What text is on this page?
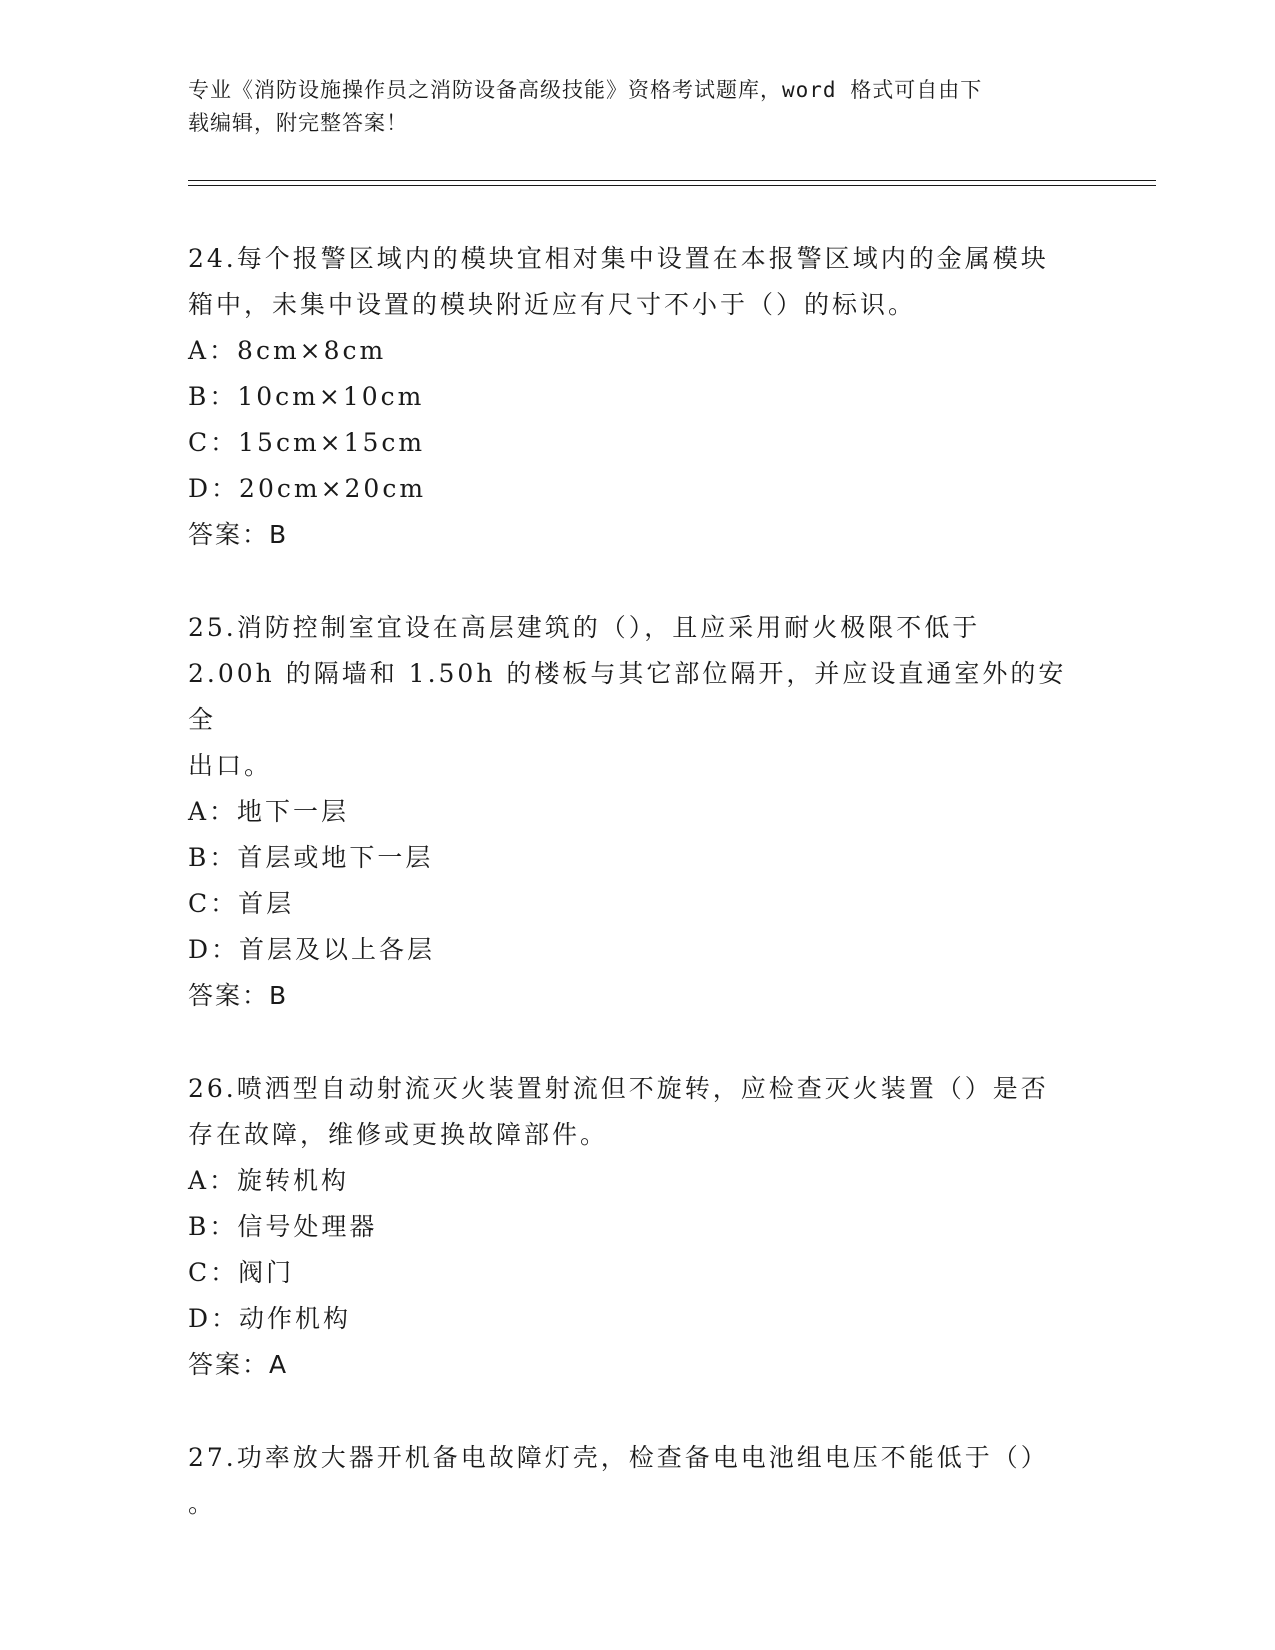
专业《消防设施操作员之消防设备高级技能》资格考试题库，word 格式可自由下
载编辑，附完整答案！

24.每个报警区域内的模块宜相对集中设置在本报警区域内的金属模块

箱中，未集中设置的模块附近应有尺寸不小于（）的标识。

A：8cm×8cm

B：10cm×10cm

C：15cm×15cm

D：20cm×20cm

答案：B

25.消防控制室宜设在高层建筑的（），且应采用耐火极限不低于

2.00h 的隔墙和 1.50h 的楼板与其它部位隔开，并应设直通室外的安全

出口。

A：地下一层

B：首层或地下一层

C：首层

D：首层及以上各层

答案：B

26.喷洒型自动射流灭火装置射流但不旋转，应检查灭火装置（）是否

存在故障，维修或更换故障部件。

A：旋转机构

B：信号处理器

C：阀门

D：动作机构

答案：A

27.功率放大器开机备电故障灯壳，检查备电电池组电压不能低于（）

。
